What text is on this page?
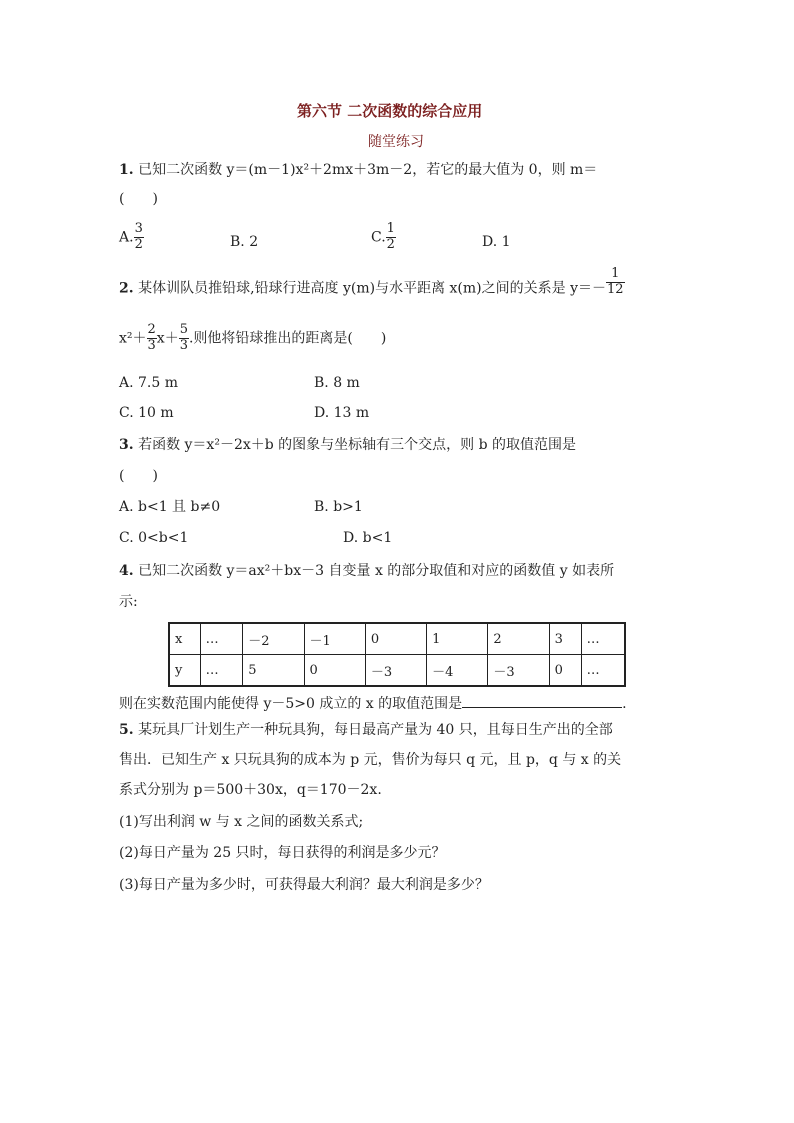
第六节 二次函数的综合应用
随堂练习
1. 已知二次函数 y＝(m－1)x²＋2mx＋3m－2，若它的最大值为 0，则 m＝
(　　)
A. $\frac{3}{2}$	B. 2	C. $\frac{1}{2}$	D. 1
2. 某体训队员推铅球,铅球行进高度 y(m)与水平距离 x(m)之间的关系是 $y=- \frac{1}{12}$
$x^2+ \frac{2}{3} x+ \frac{5}{3}$ .则他将铅球推出的距离是(　　)
A. 7.5 m	B. 8 m
C. 10 m	D. 13 m
3. 若函数 y＝x²－2x＋b 的图象与坐标轴有三个交点，则 b 的取值范围是
(　　)
A. b<1 且 b≠0	B. b>1
C. 0<b<1	D. b<1
4. 已知二次函数 y＝ax²＋bx－3 自变量 x 的部分取值和对应的函数值 y 如表所
示:
x	…	－2	－1	0	1	2	3	…
y	…	5	0	－3	－4	－3	0	…
则在实数范围内能使得 y－5>0 成立的 x 的取值范围是	.
5. 某玩具厂计划生产一种玩具狗，每日最高产量为 40 只，且每日生产出的全部
售出．已知生产 x 只玩具狗的成本为 p 元，售价为每只 q 元，且 p，q 与 x 的关
系式分别为 p＝500＋30x，q＝170－2x.
(1)写出利润 w 与 x 之间的函数关系式;
(2)每日产量为 25 只时，每日获得的利润是多少元？
(3)每日产量为多少时，可获得最大利润？最大利润是多少？
